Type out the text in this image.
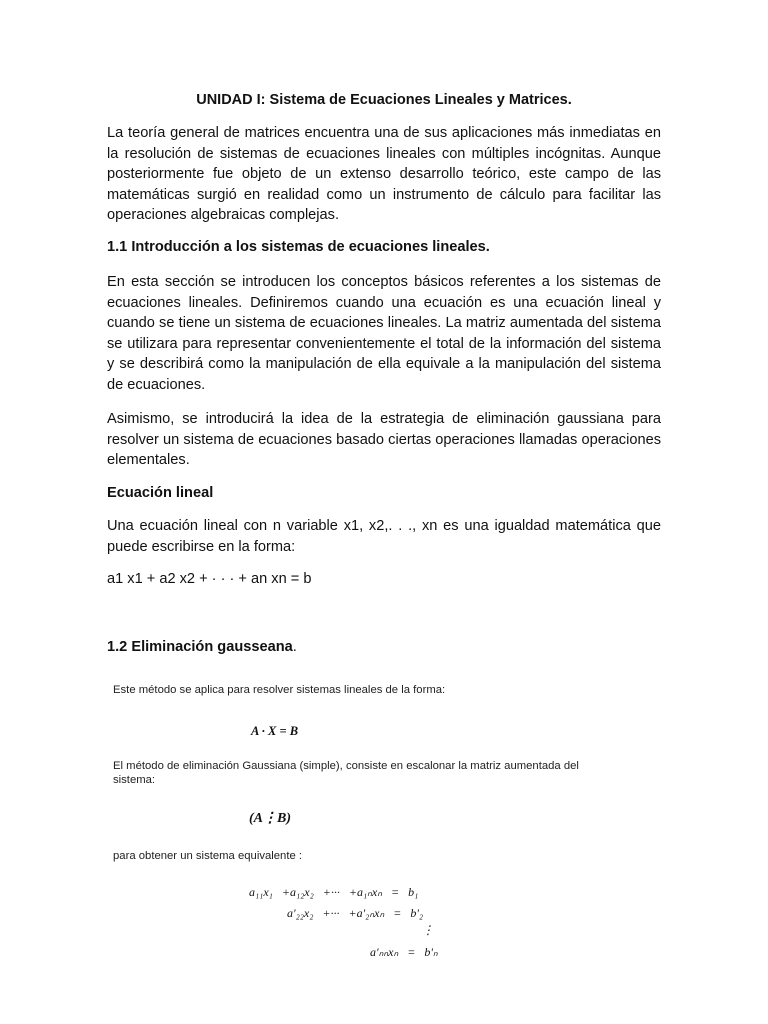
UNIDAD I: Sistema de Ecuaciones Lineales y Matrices.

La teoría general de matrices encuentra una de sus aplicaciones más inmediatas en la resolución de sistemas de ecuaciones lineales con múltiples incógnitas. Aunque posteriormente fue objeto de un extenso desarrollo teórico, este campo de las matemáticas surgió en realidad como un instrumento de cálculo para facilitar las operaciones algebraicas complejas.

1.1 Introducción a los sistemas de ecuaciones lineales.

En esta sección se introducen los conceptos básicos referentes a los sistemas de ecuaciones lineales. Definiremos cuando una ecuación es una ecuación lineal y cuando se tiene un sistema de ecuaciones lineales. La matriz aumentada del sistema se utilizara para representar convenientemente el total de la información del sistema y se describirá como la manipulación de ella equivale a la manipulación del sistema de ecuaciones.

Asimismo, se introducirá la idea de la estrategia de eliminación gaussiana para resolver un sistema de ecuaciones basado ciertas operaciones llamadas operaciones elementales.

Ecuación lineal

Una ecuación lineal con n variable x1, x2,. . ., xn es una igualdad matemática que puede escribirse en la forma:

a1 x1 + a2 x2 + · · · + an xn = b

1.2 Eliminación gausseana.

Este método se aplica para resolver sistemas lineales de la forma:

A · X = B

El método de eliminación Gaussiana (simple), consiste en escalonar la matriz aumentada del sistema:

(A⋮B)

para obtener un sistema equivalente :

a₁₁x₁   +a₁₂x₂   +···   +a₁ₙxₙ   =   b₁
a'₂₂x₂   +···   +a'₂ₙxₙ   =   b'₂
⋮
a'ₙₙxₙ   =   b'ₙ
